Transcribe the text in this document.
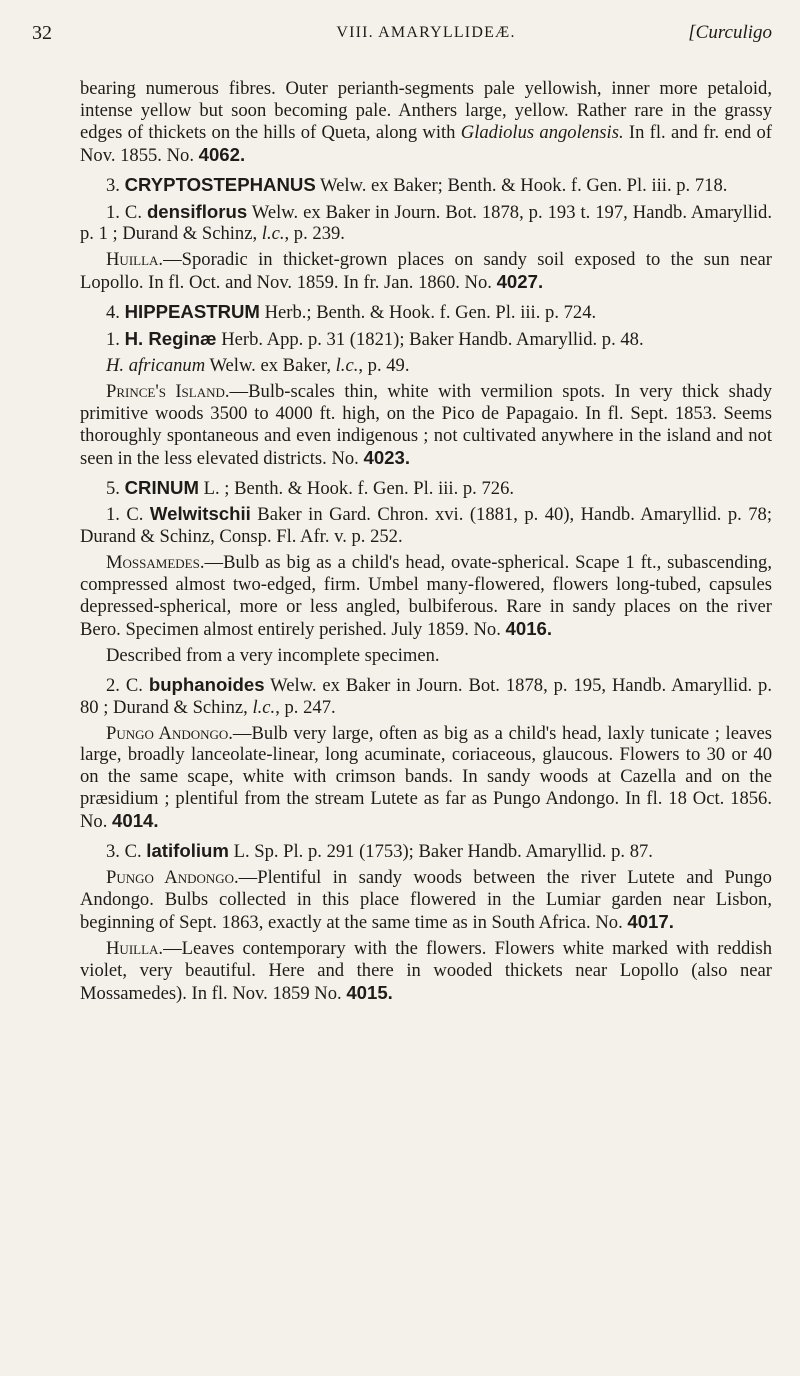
32	VIII. AMARYLLIDEÆ.	[Curculigo

bearing numerous fibres. Outer perianth-segments pale yellowish, inner more petaloid, intense yellow but soon becoming pale. Anthers large, yellow. Rather rare in the grassy edges of thickets on the hills of Queta, along with Gladiolus angolensis. In fl. and fr. end of Nov. 1855. No. 4062.

3. CRYPTOSTEPHANUS Welw. ex Baker; Benth. & Hook. f. Gen. Pl. iii. p. 718.

1. C. densiflorus Welw. ex Baker in Journ. Bot. 1878, p. 193 t. 197, Handb. Amaryllid. p. 1 ; Durand & Schinz, l.c., p. 239.

Huilla.—Sporadic in thicket-grown places on sandy soil exposed to the sun near Lopollo. In fl. Oct. and Nov. 1859. In fr. Jan. 1860. No. 4027.

4. HIPPEASTRUM Herb.; Benth. & Hook. f. Gen. Pl. iii. p. 724.

1. H. Reginæ Herb. App. p. 31 (1821); Baker Handb. Amaryllid. p. 48.

H. africanum Welw. ex Baker, l.c., p. 49.

Prince's Island.—Bulb-scales thin, white with vermilion spots. In very thick shady primitive woods 3500 to 4000 ft. high, on the Pico de Papagaio. In fl. Sept. 1853. Seems thoroughly spontaneous and even indigenous ; not cultivated anywhere in the island and not seen in the less elevated districts. No. 4023.

5. CRINUM L. ; Benth. & Hook. f. Gen. Pl. iii. p. 726.

1. C. Welwitschii Baker in Gard. Chron. xvi. (1881, p. 40), Handb. Amaryllid. p. 78; Durand & Schinz, Consp. Fl. Afr. v. p. 252.

Mossamedes.—Bulb as big as a child's head, ovate-spherical. Scape 1 ft., subascending, compressed almost two-edged, firm. Umbel many-flowered, flowers long-tubed, capsules depressed-spherical, more or less angled, bulbiferous. Rare in sandy places on the river Bero. Specimen almost entirely perished. July 1859. No. 4016.

Described from a very incomplete specimen.

2. C. buphanoides Welw. ex Baker in Journ. Bot. 1878, p. 195, Handb. Amaryllid. p. 80 ; Durand & Schinz, l.c., p. 247.

Pungo Andongo.—Bulb very large, often as big as a child's head, laxly tunicate ; leaves large, broadly lanceolate-linear, long acuminate, coriaceous, glaucous. Flowers to 30 or 40 on the same scape, white with crimson bands. In sandy woods at Cazella and on the præsidium ; plentiful from the stream Lutete as far as Pungo Andongo. In fl. 18 Oct. 1856. No. 4014.

3. C. latifolium L. Sp. Pl. p. 291 (1753); Baker Handb. Amaryllid. p. 87.

Pungo Andongo.—Plentiful in sandy woods between the river Lutete and Pungo Andongo. Bulbs collected in this place flowered in the Lumiar garden near Lisbon, beginning of Sept. 1863, exactly at the same time as in South Africa. No. 4017.

Huilla.—Leaves contemporary with the flowers. Flowers white marked with reddish violet, very beautiful. Here and there in wooded thickets near Lopollo (also near Mossamedes). In fl. Nov. 1859 No. 4015.
